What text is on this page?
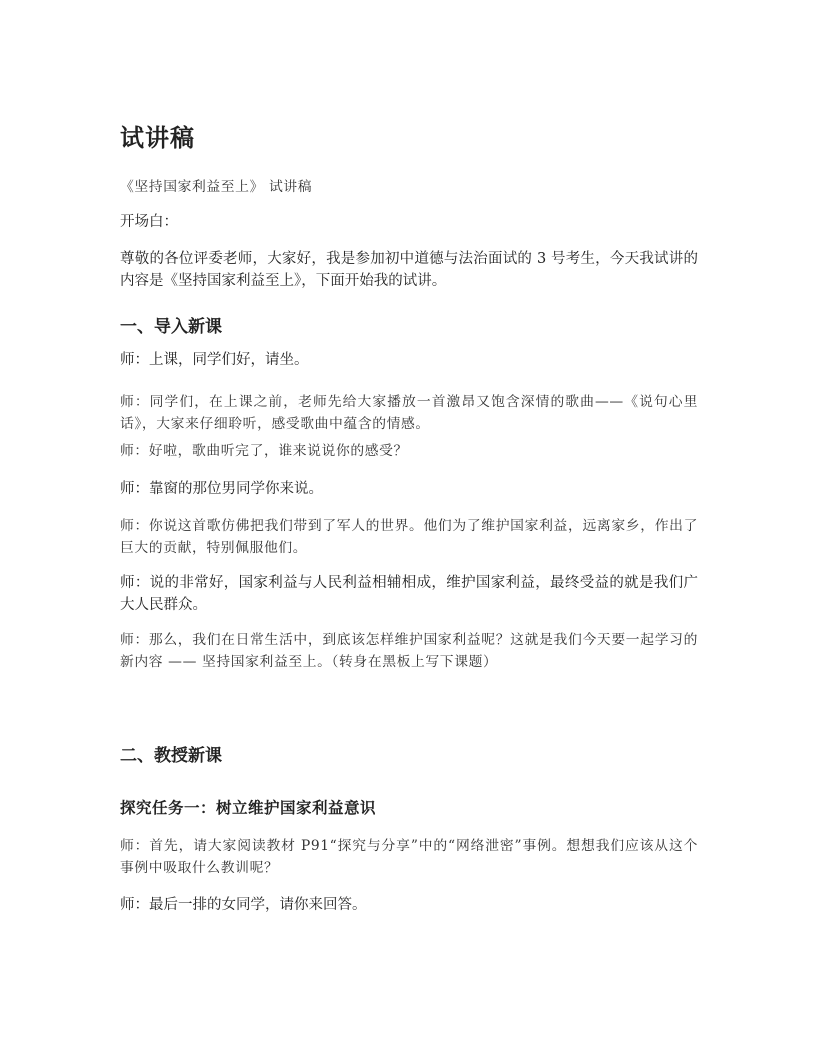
试讲稿
《坚持国家利益至上》 试讲稿
开场白：
尊敬的各位评委老师，大家好，我是参加初中道德与法治面试的 3 号考生，今天我试讲的内容是《坚持国家利益至上》，下面开始我的试讲。
一、导入新课
师：上课，同学们好，请坐。
师：同学们，在上课之前，老师先给大家播放一首激昂又饱含深情的歌曲——《说句心里话》，大家来仔细聆听，感受歌曲中蕴含的情感。
师：好啦，歌曲听完了，谁来说说你的感受？
师：靠窗的那位男同学你来说。
师：你说这首歌仿佛把我们带到了军人的世界。他们为了维护国家利益，远离家乡，作出了巨大的贡献，特别佩服他们。
师：说的非常好，国家利益与人民利益相辅相成，维护国家利益，最终受益的就是我们广大人民群众。
师：那么，我们在日常生活中，到底该怎样维护国家利益呢？这就是我们今天要一起学习的新内容 —— 坚持国家利益至上。（转身在黑板上写下课题）
二、教授新课
探究任务一：树立维护国家利益意识
师：首先，请大家阅读教材 P91“探究与分享”中的“网络泄密”事例。想想我们应该从这个事例中吸取什么教训呢？
师：最后一排的女同学，请你来回答。
